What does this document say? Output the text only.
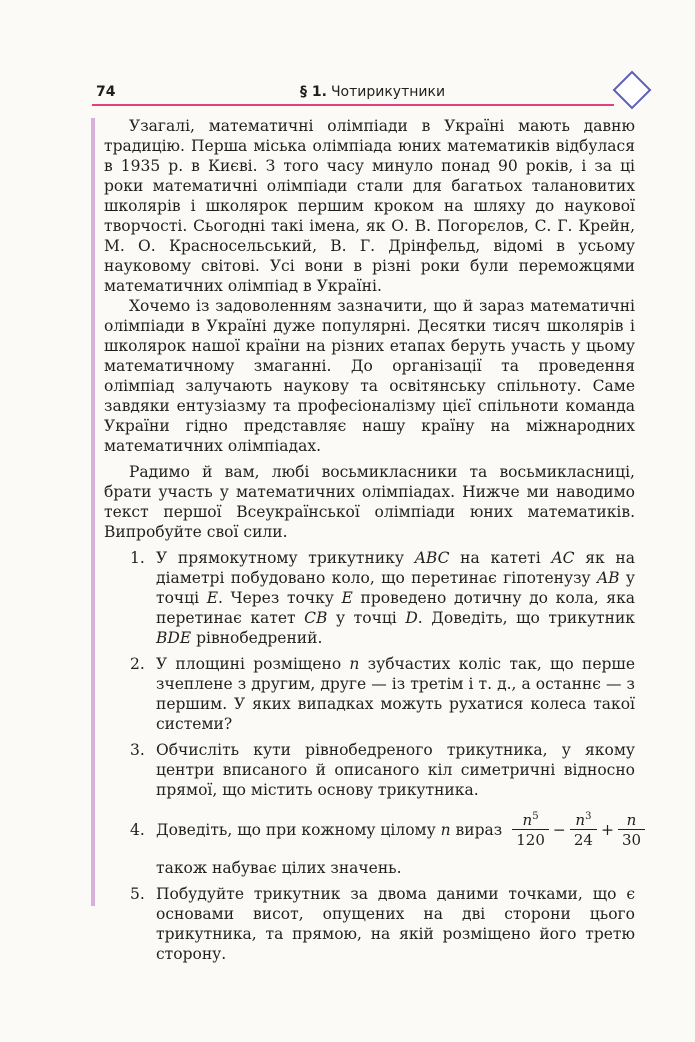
74	§ 1. Чотирикутники

Узагалі, математичні олімпіади в Україні мають давню традицію. Перша міська олімпіада юних математиків відбулася в 1935 р. в Києві. З того часу минуло понад 90 років, і за ці роки математичні олімпіади стали для багатьох талановитих школярів і школярок першим кроком на шляху до наукової творчості. Сьогодні такі імена, як О. В. Погорєлов, С. Г. Крейн, М. О. Красносельський, В. Г. Дрінфельд, відомі в усьому науковому світові. Усі вони в різні роки були переможцями математичних олімпіад в Україні.

Хочемо із задоволенням зазначити, що й зараз математичні олімпіади в Україні дуже популярні. Десятки тисяч школярів і школярок нашої країни на різних етапах беруть участь у цьому математичному змаганні. До організації та проведення олімпіад залучають наукову та освітянську спільноту. Саме завдяки ентузіазму та професіоналізму цієї спільноти команда України гідно представляє нашу країну на міжнародних математичних олімпіадах.

Радимо й вам, любі восьмикласники та восьмикласниці, брати участь у математичних олімпіадах. Нижче ми наводимо текст першої Всеукраїнської олімпіади юних математиків. Випробуйте свої сили.

1. У прямокутному трикутнику ABC на катеті AC як на діаметрі побудовано коло, що перетинає гіпотенузу AB у точці E. Через точку E проведено дотичну до кола, яка перетинає катет CB у точці D. Доведіть, що трикутник BDE рівнобедрений.
2. У площині розміщено n зубчастих коліс так, що перше зчеплене з другим, друге — із третім і т. д., а останнє — з першим. У яких випадках можуть рухатися колеса такої системи?
3. Обчисліть кути рівнобедреного трикутника, у якому центри вписаного й описаного кіл симетричні відносно прямої, що містить основу трикутника.
4. Доведіть, що при кожному цілому n вираз $\frac{n^5}{120} - \frac{n^3}{24} + \frac{n}{30}$
також набуває цілих значень.
5. Побудуйте трикутник за двома даними точками, що є основами висот, опущених на дві сторони цього трикутника, та прямою, на якій розміщено його третю сторону.
